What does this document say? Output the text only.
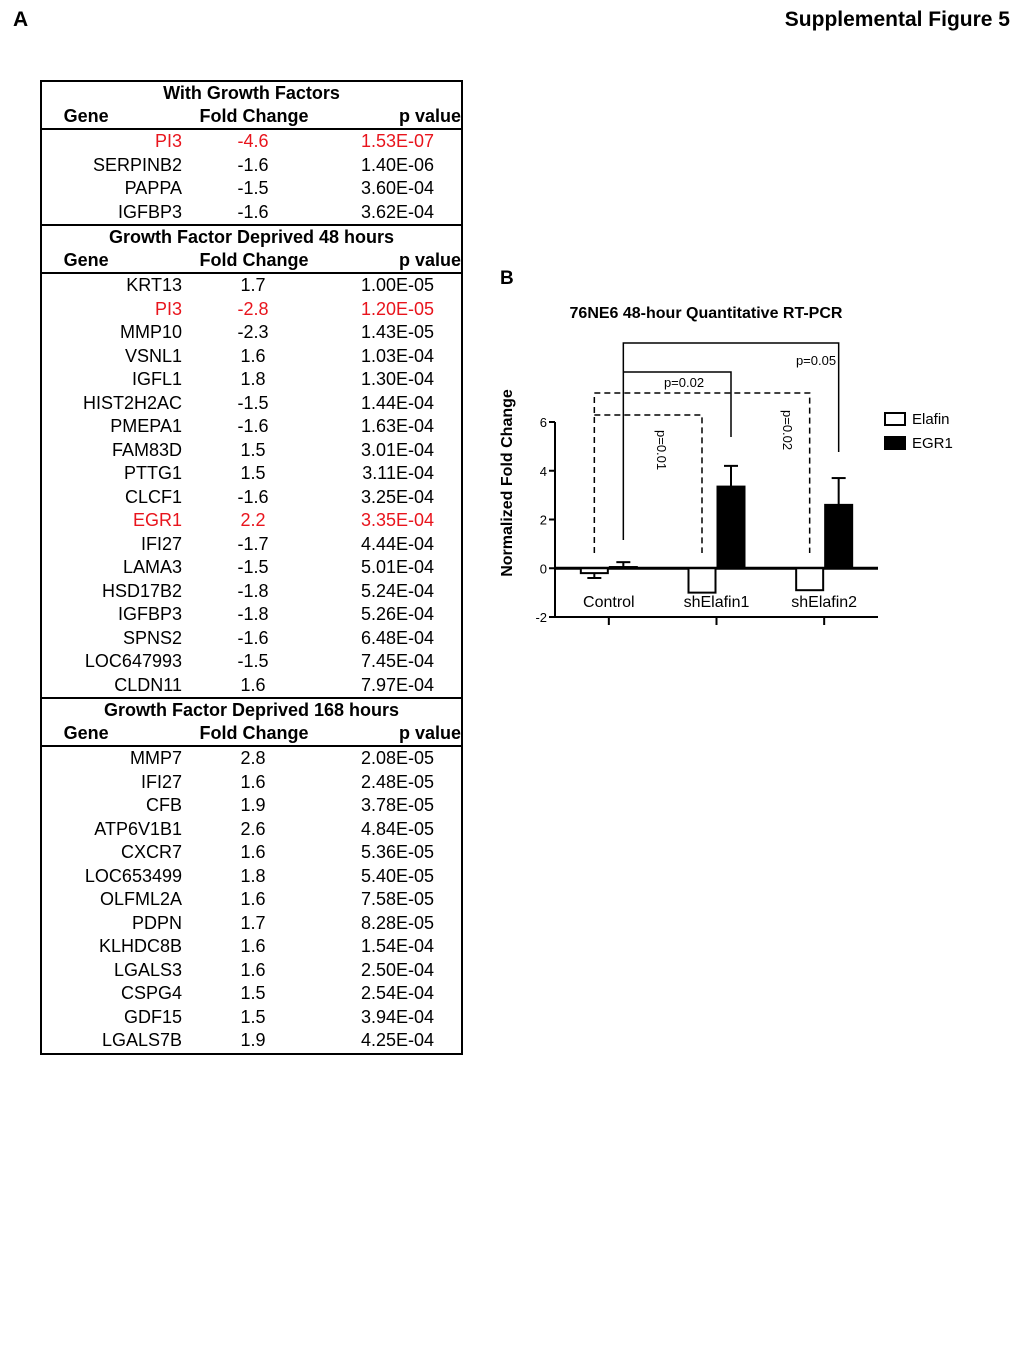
A	Supplemental Figure 5
With Growth Factors
Gene	Fold Change	p value
PI3	-4.6	1.53E-07
SERPINB2	-1.6	1.40E-06
PAPPA	-1.5	3.60E-04
IGFBP3	-1.6	3.62E-04
Growth Factor Deprived 48 hours
Gene	Fold Change	p value
KRT13	1.7	1.00E-05
PI3	-2.8	1.20E-05
MMP10	-2.3	1.43E-05
VSNL1	1.6	1.03E-04
IGFL1	1.8	1.30E-04
HIST2H2AC	-1.5	1.44E-04
PMEPA1	-1.6	1.63E-04
FAM83D	1.5	3.01E-04
PTTG1	1.5	3.11E-04
CLCF1	-1.6	3.25E-04
EGR1	2.2	3.35E-04
IFI27	-1.7	4.44E-04
LAMA3	-1.5	5.01E-04
HSD17B2	-1.8	5.24E-04
IGFBP3	-1.8	5.26E-04
SPNS2	-1.6	6.48E-04
LOC647993	-1.5	7.45E-04
CLDN11	1.6	7.97E-04
Growth Factor Deprived 168 hours
Gene	Fold Change	p value
MMP7	2.8	2.08E-05
IFI27	1.6	2.48E-05
CFB	1.9	3.78E-05
ATP6V1B1	2.6	4.84E-05
CXCR7	1.6	5.36E-05
LOC653499	1.8	5.40E-05
OLFML2A	1.6	7.58E-05
PDPN	1.7	8.28E-05
KLHDC8B	1.6	1.54E-04
LGALS3	1.6	2.50E-04
CSPG4	1.5	2.54E-04
GDF15	1.5	3.94E-04
LGALS7B	1.9	4.25E-04
B
76NE6 48-hour Quantitative RT-PCR
Normalized Fold Change
-2
0
2
4
6
Control	shElafin1	shElafin2
p=0.05
p=0.02
p=0.02
p=0.01
Elafin
EGR1
